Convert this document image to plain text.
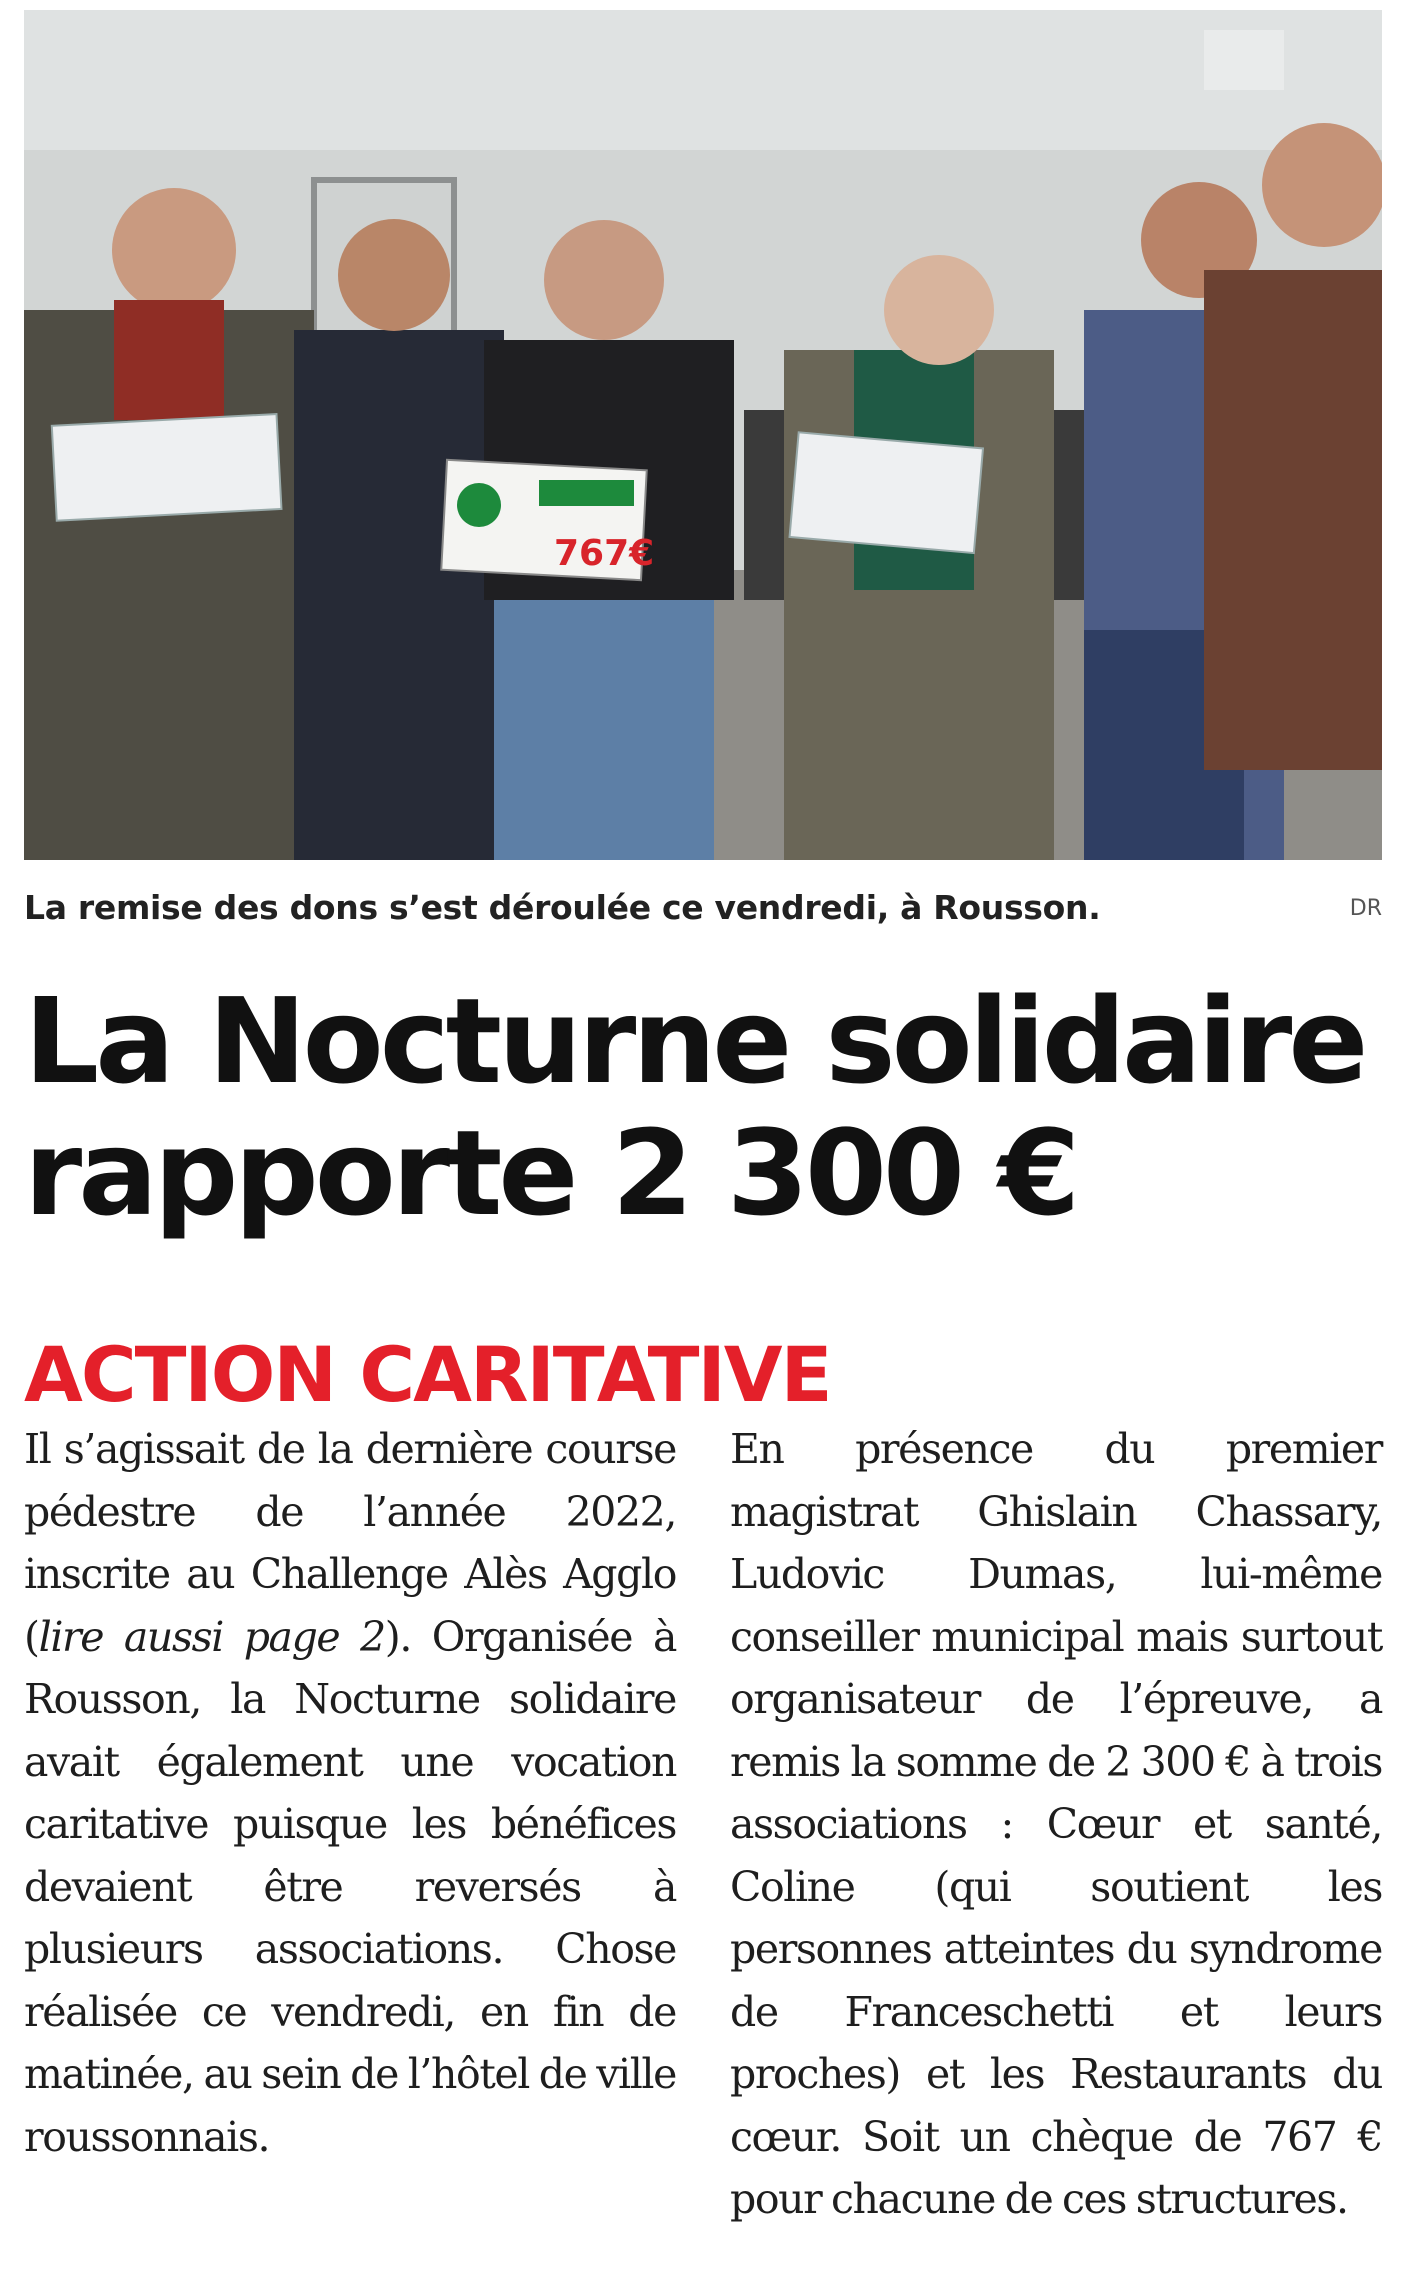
767€
La remise des dons s’est déroulée ce vendredi, à Rousson.	DR
La Nocturne solidaire
rapporte 2 300 €
ACTION CARITATIVE
Il s’agissait de la dernière course pédestre de l’année 2022, inscrite au Challenge Alès Agglo (lire aussi page 2). Organisée à Rousson, la Nocturne solidaire avait également une vocation caritative puisque les bénéfices devaient être reversés à plusieurs associations. Chose réalisée ce vendredi, en fin de matinée, au sein de l’hôtel de ville roussonnais.
En présence du premier magistrat Ghislain Chassary, Ludovic Dumas, lui-même conseiller municipal mais surtout organisateur de l’épreuve, a remis la somme de 2 300 € à trois associations : Cœur et santé, Coline (qui soutient les personnes atteintes du syndrome de Franceschetti et leurs proches) et les Restaurants du cœur. Soit un chèque de 767 € pour chacune de ces structures.
